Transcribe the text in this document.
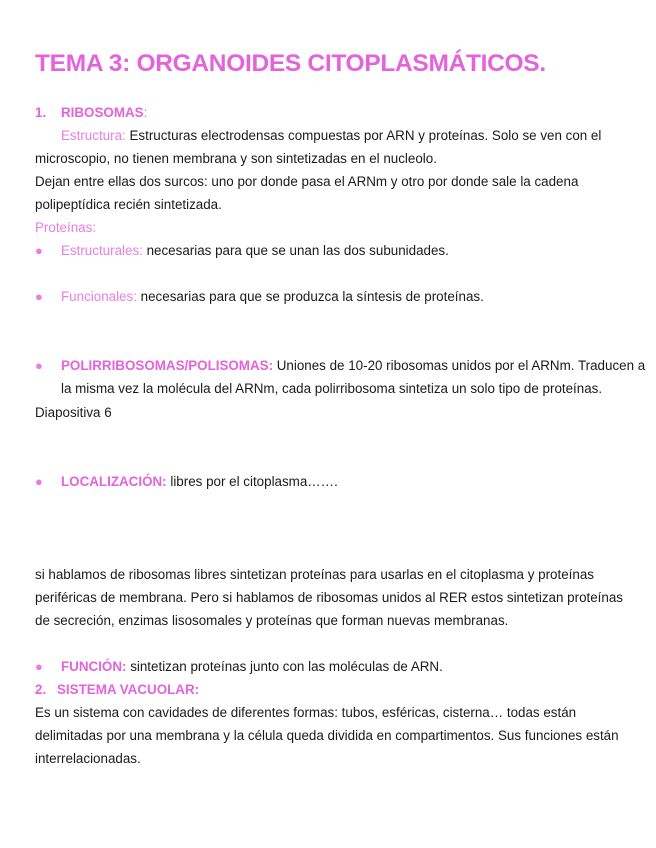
TEMA 3: ORGANOIDES CITOPLASMÁTICOS.
1. RIBOSOMAS:
Estructura: Estructuras electrodensas compuestas por ARN y proteínas. Solo se ven con el microscopio, no tienen membrana y son sintetizadas en el nucleolo.
Dejan entre ellas dos surcos: uno por donde pasa el ARNm y otro por donde sale la cadena polipeptídica recién sintetizada.
Proteínas:
● Estructurales: necesarias para que se unan las dos subunidades.
● Funcionales: necesarias para que se produzca la síntesis de proteínas.
● POLIRRIBOSOMAS/POLISOMAS: Uniones de 10-20 ribosomas unidos por el ARNm. Traducen a la misma vez la molécula del ARNm, cada polirribosoma sintetiza un solo tipo de proteínas.
● LOCALIZACIÓN: libres por el citoplasma…….
Diapositiva 6
● FUNCIÓN: sintetizan proteínas junto con las moléculas de ARN.
si hablamos de ribosomas libres sintetizan proteínas para usarlas en el citoplasma y proteínas periféricas de membrana. Pero si hablamos de ribosomas unidos al RER estos sintetizan proteínas de secreción, enzimas lisosomales y proteínas que forman nuevas membranas.
2. SISTEMA VACUOLAR:
Es un sistema con cavidades de diferentes formas: tubos, esféricas, cisterna… todas están delimitadas por una membrana y la célula queda dividida en compartimentos. Sus funciones están interrelacionadas.
